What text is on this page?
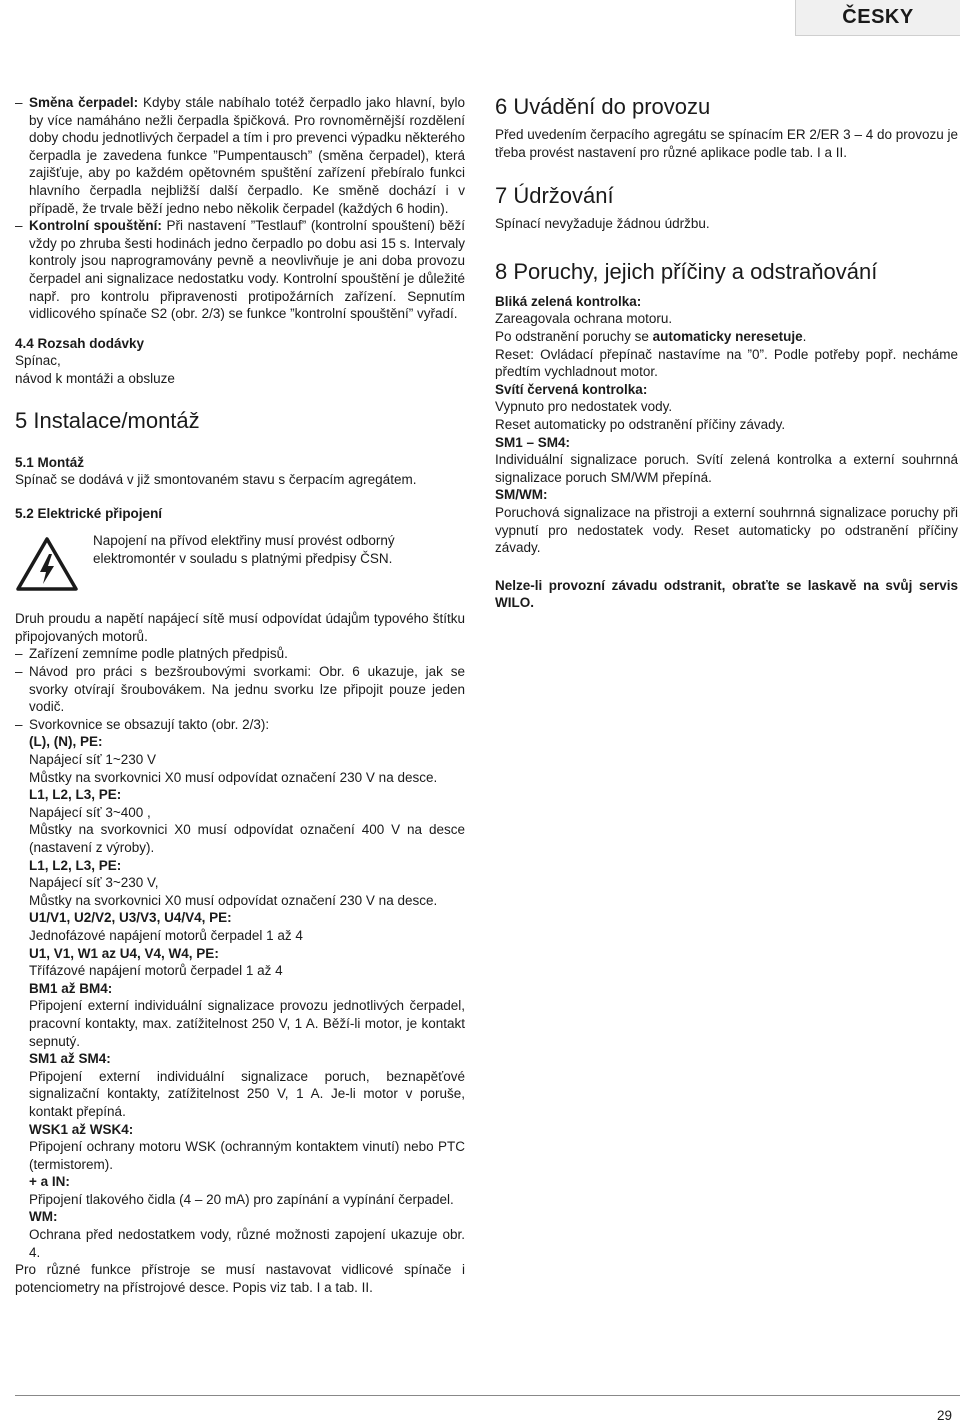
ČESKY
– Směna čerpadel: Kdyby stále nabíhalo totéž čerpadlo jako hlavní, bylo by více namáháno nežli čerpadla špičková. Pro rovnoměrnější rozdělení doby chodu jednotlivých čerpadel a tím i pro prevenci výpadku některého čerpadla je zavedena funkce ”Pumpentausch” (směna čerpadel), která zajišťuje, aby po každém opětovném spuštění zařízení přebíralo funkci hlavního čerpadla nejbližší další čerpadlo. Ke směně dochází i v případě, že trvale běží jedno nebo několik čerpadel (každých 6 hodin).

– Kontrolní spouštění: Při nastavení ”Testlauf” (kontrolní spouštení) běží vždy po zhruba šesti hodinách jedno čerpadlo po dobu asi 15 s. Intervaly kontroly jsou naprogramovány pevně a neovlivňuje je ani doba provozu čerpadel ani signalizace nedostatku vody. Kontrolní spouštění je důležité např. pro kontrolu připravenosti protipožárních zařízení. Sepnutím vidlicového spínače S2 (obr. 2/3) se funkce ”kontrolní spouštění” vyřadí.

4.4 Rozsah dodávky

Spínac,

návod k montáži a obsluze

5 Instalace/montáž
5.1 Montáž

Spínač se dodává v již smontovaném stavu s čerpacím agregátem.

5.2 Elektrické připojení

Napojení na přívod elektřiny musí provést odborný elektromontér v souladu s platnými předpisy ČSN.

Druh proudu a napětí napájecí sítě musí odpovídat údajům typového štítku připojovaných motorů.

– Zařízení zemníme podle platných předpisů.

– Návod pro práci s bezšroubovými svorkami: Obr. 6 ukazuje, jak se svorky otvírají šroubovákem. Na jednu svorku lze připojit pouze jeden vodič.

– Svorkovnice se obsazují takto (obr. 2/3):

(L), (N), PE:

Napájecí síť 1~230 V

Můstky na svorkovnici X0 musí odpovídat označení 230 V na desce.

L1, L2, L3, PE:

Napájecí síť 3~400 ,

Můstky na svorkovnici X0 musí odpovídat označení 400 V na desce (nastavení z výroby).

L1, L2, L3, PE:

Napájecí síť 3~230 V,

Můstky na svorkovnici X0 musí odpovídat označení 230 V na desce.

U1/V1, U2/V2, U3/V3, U4/V4, PE:

Jednofázové napájení motorů čerpadel 1 až 4

U1, V1, W1 az U4, V4, W4, PE:

Třífázové napájení motorů čerpadel 1 až 4

BM1 až BM4:

Připojení externí individuální signalizace provozu jednotlivých čerpadel, pracovní kontakty, max. zatížitelnost 250 V, 1 A. Běží-li motor, je kontakt sepnutý.

SM1 až SM4:

Připojení externí individuální signalizace poruch, beznapěťové signalizační kontakty, zatížitelnost 250 V, 1 A. Je-li motor v poruše, kontakt přepíná.

WSK1 až WSK4:

Připojení ochrany motoru WSK (ochranným kontaktem vinutí) nebo PTC (termistorem).

+ a IN:

Připojení tlakového čidla (4 – 20 mA) pro zapínání a vypínání čerpadel.

WM:

Ochrana před nedostatkem vody, různé možnosti zapojení ukazuje obr. 4.

Pro různé funkce přístroje se musí nastavovat vidlicové spínače i potenciometry na přístrojové desce. Popis viz tab. I a tab. II.

6 Uvádění do provozu

Před uvedením čerpacího agregátu se spínacím ER 2/ER 3 – 4 do provozu je třeba provést nastavení pro různé aplikace podle tab. I a II.

7 Údržování

Spínací nevyžaduje žádnou údržbu.

8 Poruchy, jejich příčiny a odstraňování

Bliká zelená kontrolka:

Zareagovala ochrana motoru.

Po odstranění poruchy se automaticky neresetuje.

Reset: Ovládací přepínač nastavíme na ”0”. Podle potřeby popř. necháme předtím vychladnout motor.

Svítí červená kontrolka:

Vypnuto pro nedostatek vody.

Reset automaticky po odstranění příčiny závady.

SM1 – SM4:

Individuální signalizace poruch. Svítí zelená kontrolka a externí souhrnná signalizace poruch SM/WM přepíná.

SM/WM:

Poruchová signalizace na přistroji a externí souhrnná signalizace poruchy při vypnutí pro nedostatek vody. Reset automaticky po odstranění příčiny závady.

Nelze-li provozní závadu odstranit, obraťte se laskavě na svůj servis WILO.

29
